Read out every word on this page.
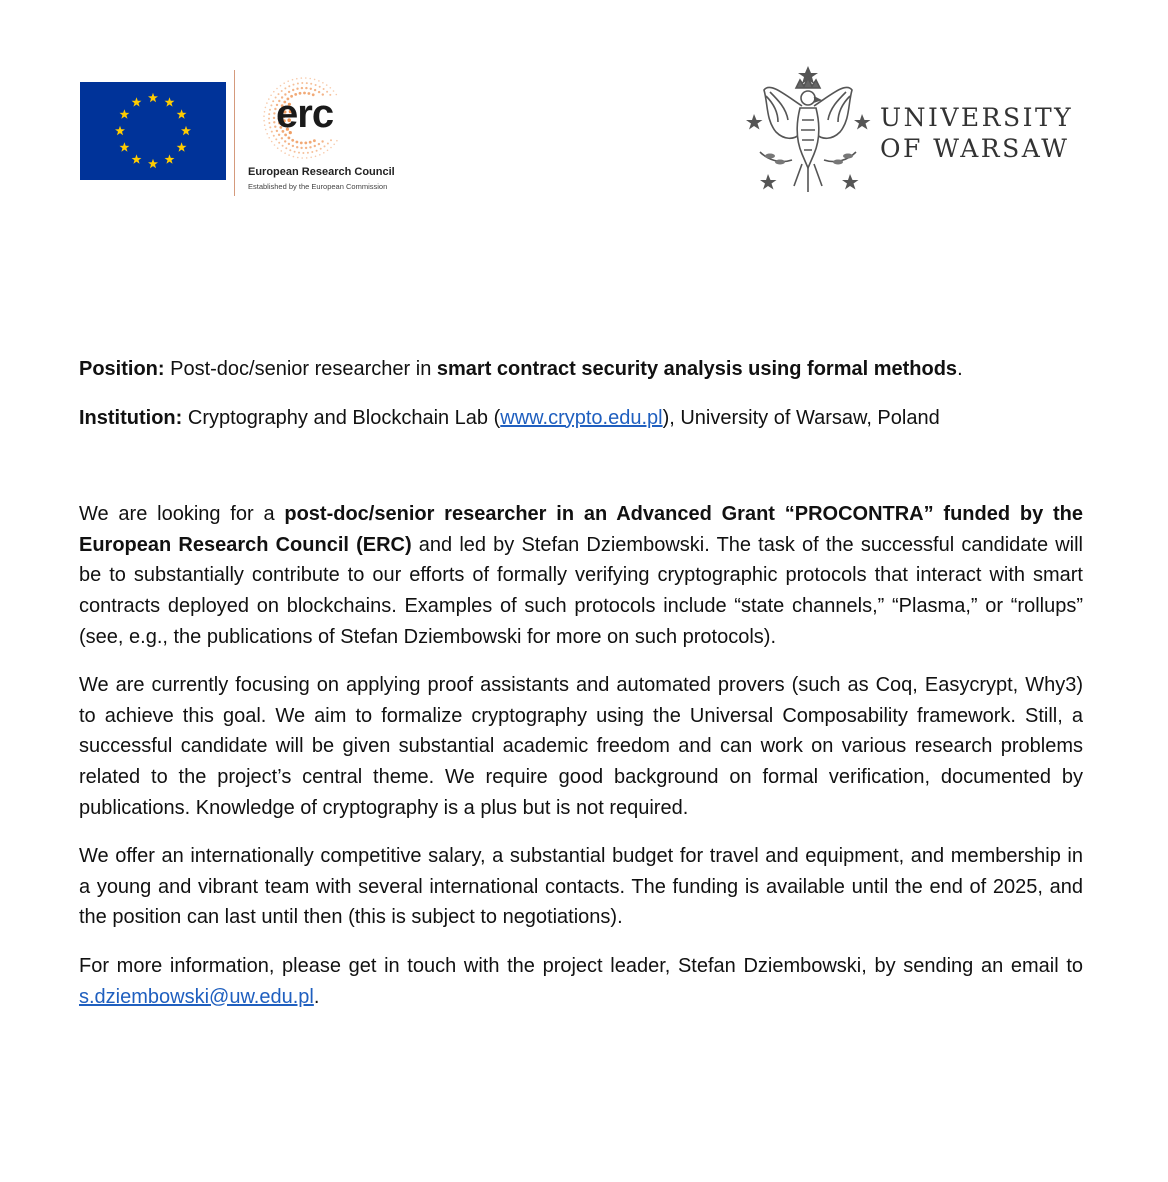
erc
European Research Council
Established by the European Commission
UNIVERSITY
OF WARSAW

Position: Post-doc/senior researcher in smart contract security analysis using formal methods.

Institution: Cryptography and Blockchain Lab (www.crypto.edu.pl), University of Warsaw, Poland

We are looking for a post-doc/senior researcher in an Advanced Grant “PROCONTRA” funded by the European Research Council (ERC) and led by Stefan Dziembowski. The task of the successful candidate will be to substantially contribute to our efforts of formally verifying cryptographic protocols that interact with smart contracts deployed on blockchains. Examples of such protocols include “state channels,” “Plasma,” or “rollups” (see, e.g., the publications of Stefan Dziembowski for more on such protocols).

We are currently focusing on applying proof assistants and automated provers (such as Coq, Easycrypt, Why3) to achieve this goal. We aim to formalize cryptography using the Universal Composability framework. Still, a successful candidate will be given substantial academic freedom and can work on various research problems related to the project’s central theme. We require good background on formal verification, documented by publications. Knowledge of cryptography is a plus but is not required.

We offer an internationally competitive salary, a substantial budget for travel and equipment, and membership in a young and vibrant team with several international contacts. The funding is available until the end of 2025, and the position can last until then (this is subject to negotiations).

For more information, please get in touch with the project leader, Stefan Dziembowski, by sending an email to s.dziembowski@uw.edu.pl.
